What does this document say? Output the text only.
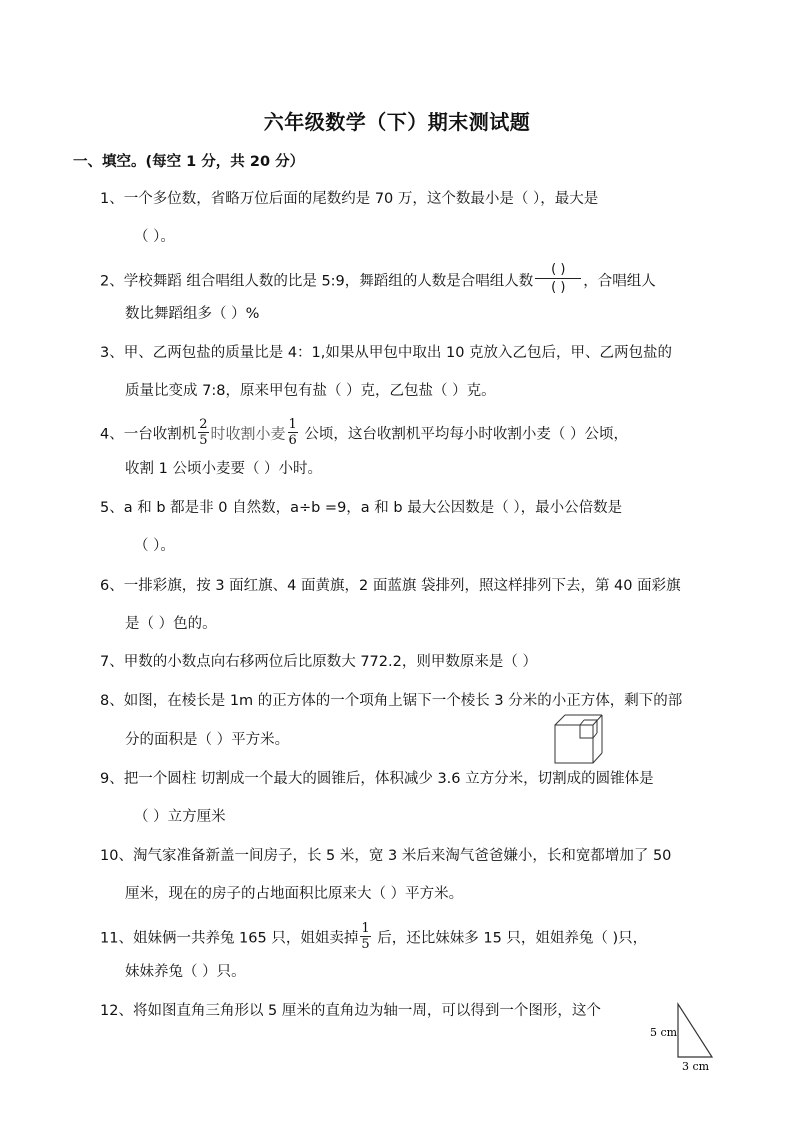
六年级数学（下）期末测试题
一、填空。(每空 1 分，共 20 分）
1、一个多位数，省略万位后面的尾数约是 70 万，这个数最小是（ ），最大是
（ ）。
2、学校舞蹈 组合唱组人数的比是 5:9，舞蹈组的人数是合唱组人数 $\frac{( )}{( )}$ ，合唱组人
数比舞蹈组多（ ）%
3、甲、乙两包盐的质量比是 4：1,如果从甲包中取出 10 克放入乙包后，甲、乙两包盐的
质量比变成 7:8，原来甲包有盐（ ）克，乙包盐（ ）克。
4、一台收割机 $\frac{2}{5}$ 时收割小麦 $\frac{1}{6}$ 公顷，这台收割机平均每小时收割小麦（ ）公顷，
收割 1 公顷小麦要（ ）小时。
5、a 和 b 都是非 0 自然数，a÷b =9，a 和 b 最大公因数是（ ），最小公倍数是
（ ）。
6、一排彩旗，按 3 面红旗、4 面黄旗，2 面蓝旗 袋排列，照这样排列下去，第 40 面彩旗
是（ ）色的。
7、甲数的小数点向右移两位后比原数大 772.2，则甲数原来是（ ）
8、如图，在棱长是 1m 的正方体的一个项角上锯下一个棱长 3 分米的小正方体，剩下的部
分的面积是（ ）平方米。
9、把一个圆柱 切割成一个最大的圆锥后，体积减少 3.6 立方分米，切割成的圆锥体是
（ ）立方厘米
10、淘气家准备新盖一间房子，长 5 米，宽 3 米后来淘气爸爸嫌小，长和宽都增加了 50
厘米，现在的房子的占地面积比原来大（ ）平方米。
11、姐妹俩一共养兔 165 只，姐姐卖掉 $\frac{1}{5}$ 后，还比妹妹多 15 只，姐姐养兔（ )只，
妹妹养兔（ ）只。
12、将如图直角三角形以 5 厘米的直角边为轴一周，可以得到一个图形，这个
5 cm
3 cm
